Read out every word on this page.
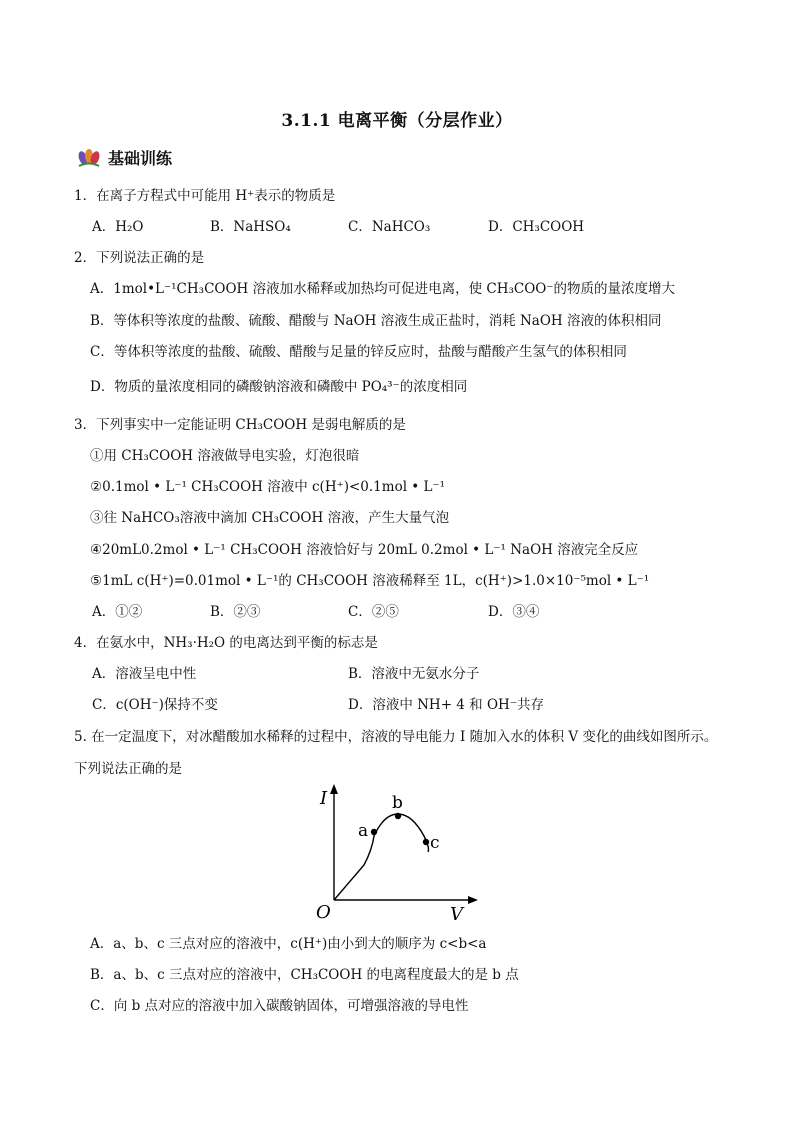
3.1.1 电离平衡（分层作业）
基础训练
1．在离子方程式中可能用 H⁺表示的物质是
A．H₂O	B．NaHSO₄	C．NaHCO₃	D．CH₃COOH
2．下列说法正确的是
A．1mol•L⁻¹CH₃COOH 溶液加水稀释或加热均可促进电离，使 CH₃COO⁻的物质的量浓度增大
B．等体积等浓度的盐酸、硫酸、醋酸与 NaOH 溶液生成正盐时，消耗 NaOH 溶液的体积相同
C．等体积等浓度的盐酸、硫酸、醋酸与足量的锌反应时，盐酸与醋酸产生氢气的体积相同
D．物质的量浓度相同的磷酸钠溶液和磷酸中 PO₄³⁻的浓度相同
3．下列事实中一定能证明 CH₃COOH 是弱电解质的是
①用 CH₃COOH 溶液做导电实验，灯泡很暗
②0.1mol • L⁻¹ CH₃COOH 溶液中 c(H⁺)<0.1mol • L⁻¹
③往 NaHCO₃溶液中滴加 CH₃COOH 溶液，产生大量气泡
④20mL0.2mol • L⁻¹ CH₃COOH 溶液恰好与 20mL 0.2mol • L⁻¹ NaOH 溶液完全反应
⑤1mL c(H⁺)=0.01mol • L⁻¹的 CH₃COOH 溶液稀释至 1L，c(H⁺)>1.0×10⁻⁵mol • L⁻¹
A．①②	B．②③	C．②⑤	D．③④
4．在氨水中，NH₃·H₂O 的电离达到平衡的标志是
A．溶液呈电中性	B．溶液中无氨水分子
C．c(OH⁻)保持不变	D．溶液中 NH+ 4 和 OH⁻共存
5. 在一定温度下，对冰醋酸加水稀释的过程中，溶液的导电能力 I 随加入水的体积 V 变化的曲线如图所示。
下列说法正确的是
I
O	V
a
b
c
A．a、b、c 三点对应的溶液中，c(H⁺)由小到大的顺序为 c<b<a
B．a、b、c 三点对应的溶液中，CH₃COOH 的电离程度最大的是 b 点
C．向 b 点对应的溶液中加入碳酸钠固体，可增强溶液的导电性
